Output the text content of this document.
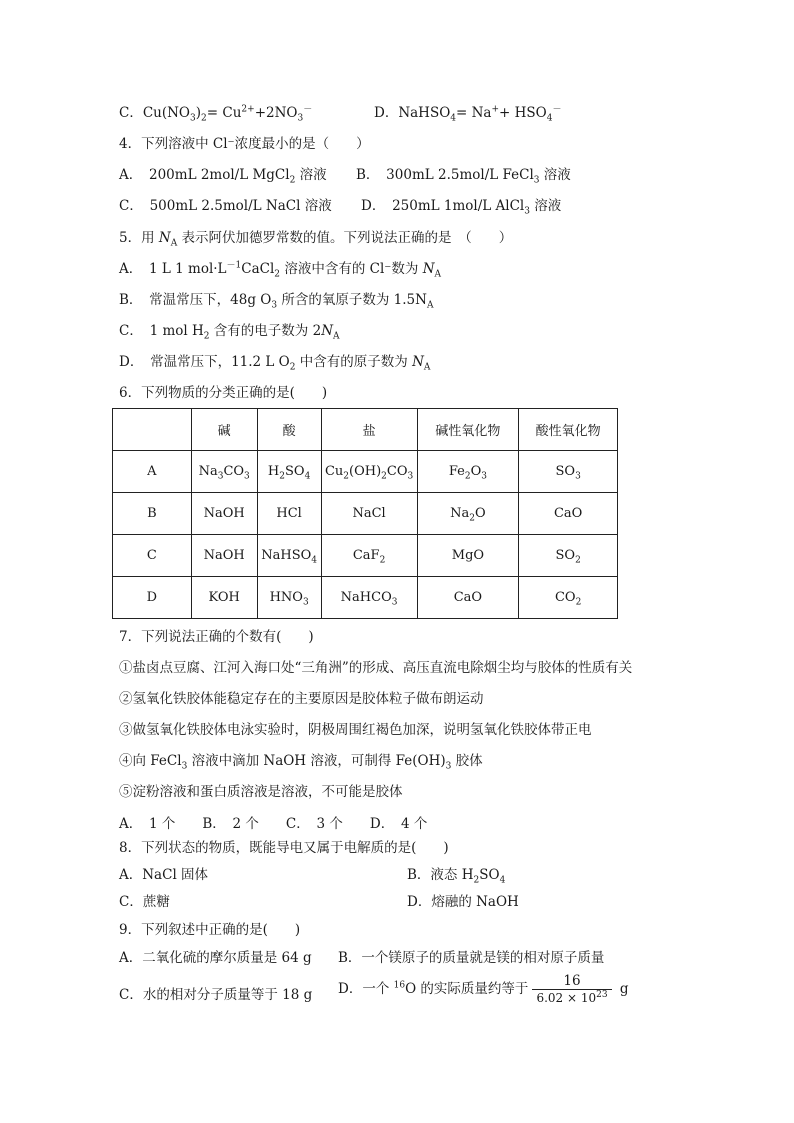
C．$Cu(NO_3)_2= Cu^{2+}+2NO_3^-$	D．NaHSO$_4$= $Na^++ HSO_4^-$
4．下列溶液中 Cl⁻浓度最小的是（　　）
A．　200mL 2mol/L MgCl$_2$ 溶液 B．　300mL 2.5mol/L FeCl$_3$ 溶液
C．　500mL 2.5mol/L NaCl 溶液 D．　250mL 1mol/L AlCl$_3$ 溶液
5．用 $N_A$ 表示阿伏加德罗常数的值。下列说法正确的是　（　　）
A．　1 L 1 $mol\cdot L^{-1}CaCl_2$ 溶液中含有的 Cl⁻数为 $N_A$
B．　常温常压下，48g $O_3$ 所含的氧原子数为 $1.5N_A$
C．　1 mol $H_2$ 含有的电子数为 $2N_A$
D．　常温常压下，11.2 L $O_2$ 中含有的原子数为 $N_A$
6．下列物质的分类正确的是(　　)
	碱	酸	盐	碱性氧化物	酸性氧化物
A	$Na_3CO_3$	$H_2SO_4$	$Cu_2(OH)_2CO_3$	$Fe_2O_3$	$SO_3$
B	NaOH	HCl	NaCl	$Na_2O$	CaO
C	NaOH	NaHSO$_4$	CaF$_2$	MgO	$SO_2$
D	KOH	$HNO_3$	NaHCO$_3$	CaO	$CO_2$
7．下列说法正确的个数有(　　)
①盐卤点豆腐、江河入海口处“三角洲”的形成、高压直流电除烟尘均与胶体的性质有关
②氢氧化铁胶体能稳定存在的主要原因是胶体粒子做布朗运动
③做氢氧化铁胶体电泳实验时，阴极周围红褐色加深，说明氢氧化铁胶体带正电
④向 FeCl$_3$ 溶液中滴加 NaOH 溶液，可制得 $Fe(OH)_3$ 胶体
⑤淀粉溶液和蛋白质溶液是溶液，不可能是胶体
A．　1 个　　B．　2 个　　C．　3 个　　D．　4 个
8．下列状态的物质，既能导电又属于电解质的是(　　)
A．NaCl 固体	B．液态 $H_2SO_4$
C．蔗糖	D．熔融的 NaOH
9．下列叙述中正确的是(　　)
A．二氧化硫的摩尔质量是 64 g B．一个镁原子的质量就是镁的相对原子质量
C．水的相对分子质量等于 18 g D．一个 $^{16}$O 的实际质量约等于 $\frac{16}{6.02 \times 10^{23}}$ g
